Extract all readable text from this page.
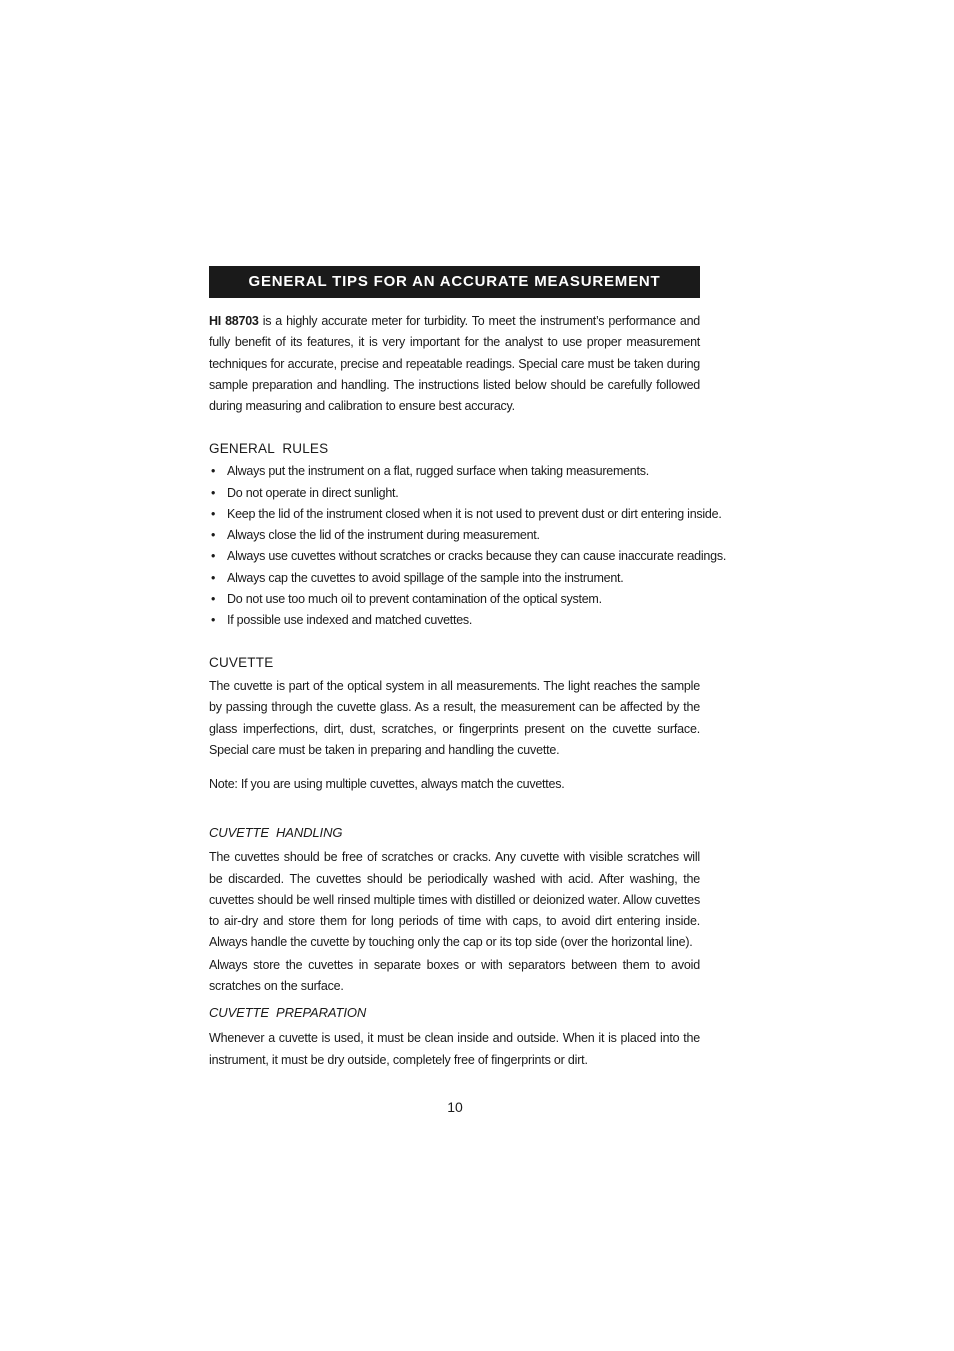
GENERAL TIPS FOR AN ACCURATE MEASUREMENT
HI 88703 is a highly accurate meter for turbidity. To meet the instrument’s performance and fully benefit of its features, it is very important for the analyst to use proper measurement techniques for accurate, precise and repeatable readings. Special care must be taken during sample preparation and handling. The instructions listed below should be carefully followed during measuring and calibration to ensure best accuracy.
GENERAL  RULES
• Always put the instrument on a flat, rugged surface when taking measurements.
• Do not operate in direct sunlight.
• Keep the lid of the instrument closed when it is not used to prevent dust or dirt entering inside.
• Always close the lid of the instrument during measurement.
• Always use cuvettes without scratches or cracks because they can cause inaccurate readings.
• Always cap the cuvettes to avoid spillage of the sample into the instrument.
• Do not use too much oil to prevent contamination of the optical system.
• If possible use indexed and matched cuvettes.
CUVETTE
The cuvette is part of the optical system in all measurements. The light reaches the sample by passing through the cuvette glass. As a result, the measurement can be affected by the glass imperfections, dirt, dust, scratches, or fingerprints present on the cuvette surface. Special care must be taken in preparing and handling the cuvette.
Note: If you are using multiple cuvettes, always match the cuvettes.
CUVETTE  HANDLING
The cuvettes should be free of scratches or cracks. Any cuvette with visible scratches will be discarded. The cuvettes should be periodically washed with acid. After washing, the cuvettes should be well rinsed multiple times with distilled or deionized water. Allow cuvettes to air-dry and store them for long periods of time with caps, to avoid dirt entering inside. Always handle the cuvette by touching only the cap or its top side (over the horizontal line).
Always store the cuvettes in separate boxes or with separators between them to avoid scratches on the surface.
CUVETTE  PREPARATION
Whenever a cuvette is used, it must be clean inside and outside. When it is placed into the instrument, it must be dry outside, completely free of fingerprints or dirt.
10
